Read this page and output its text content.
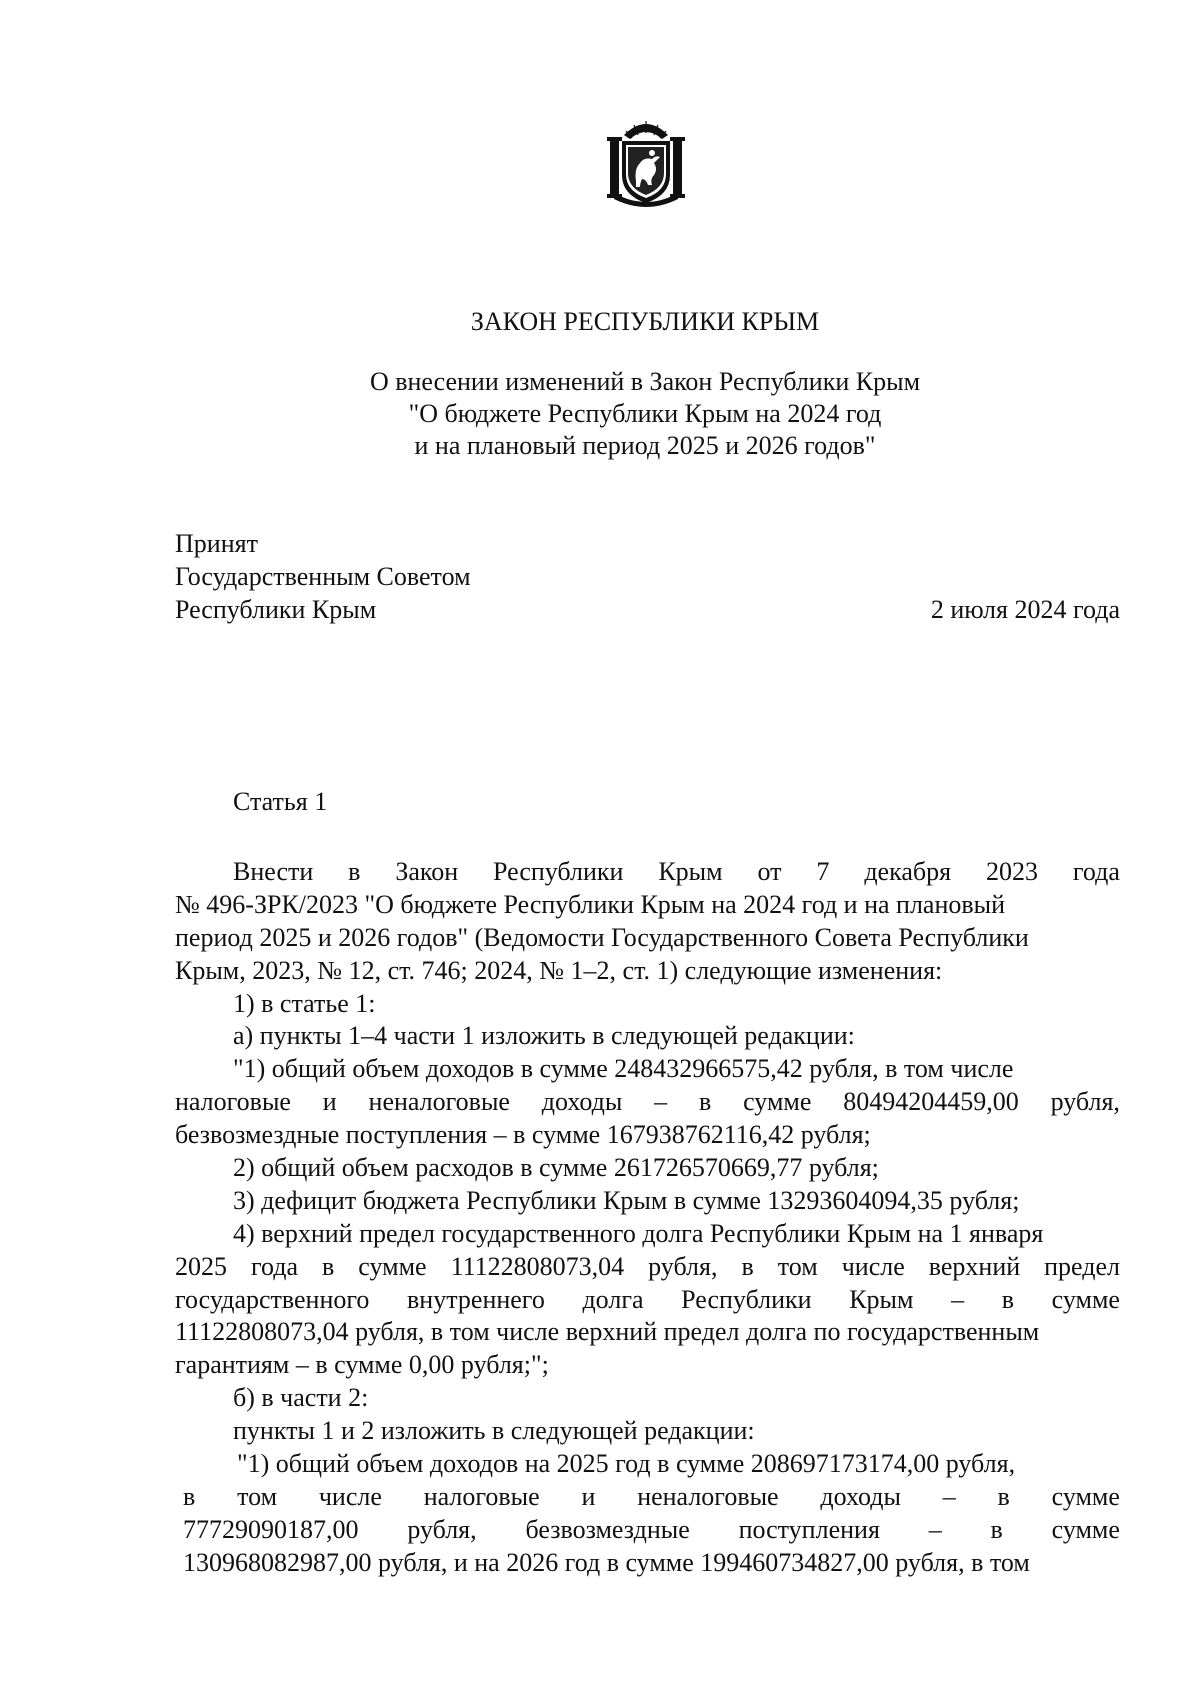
ЗАКОН РЕСПУБЛИКИ КРЫМ
О внесении изменений в Закон Республики Крым
"О бюджете Республики Крым на 2024 год
и на плановый период 2025 и 2026 годов"
Принят
Государственным Советом
Республики Крым	2 июля 2024 года
Статья 1
Внести в Закон Республики Крым от 7 декабря 2023 года
№ 496-ЗРК/2023 "О бюджете Республики Крым на 2024 год и на плановый
период 2025 и 2026 годов" (Ведомости Государственного Совета Республики
Крым, 2023, № 12, ст. 746; 2024, № 1–2, ст. 1) следующие изменения:
1) в статье 1:
а) пункты 1–4 части 1 изложить в следующей редакции:
"1) общий объем доходов в сумме 248432966575,42 рубля, в том числе
налоговые и неналоговые доходы – в сумме 80494204459,00 рубля,
безвозмездные поступления – в сумме 167938762116,42 рубля;
2) общий объем расходов в сумме 261726570669,77 рубля;
3) дефицит бюджета Республики Крым в сумме 13293604094,35 рубля;
4) верхний предел государственного долга Республики Крым на 1 января
2025 года в сумме 11122808073,04 рубля, в том числе верхний предел
государственного внутреннего долга Республики Крым – в сумме
11122808073,04 рубля, в том числе верхний предел долга по государственным
гарантиям – в сумме 0,00 рубля;";
б) в части 2:
пункты 1 и 2 изложить в следующей редакции:
"1) общий объем доходов на 2025 год в сумме 208697173174,00 рубля,
в том числе налоговые и неналоговые доходы – в сумме
77729090187,00 рубля, безвозмездные поступления – в сумме
130968082987,00 рубля, и на 2026 год в сумме 199460734827,00 рубля, в том
